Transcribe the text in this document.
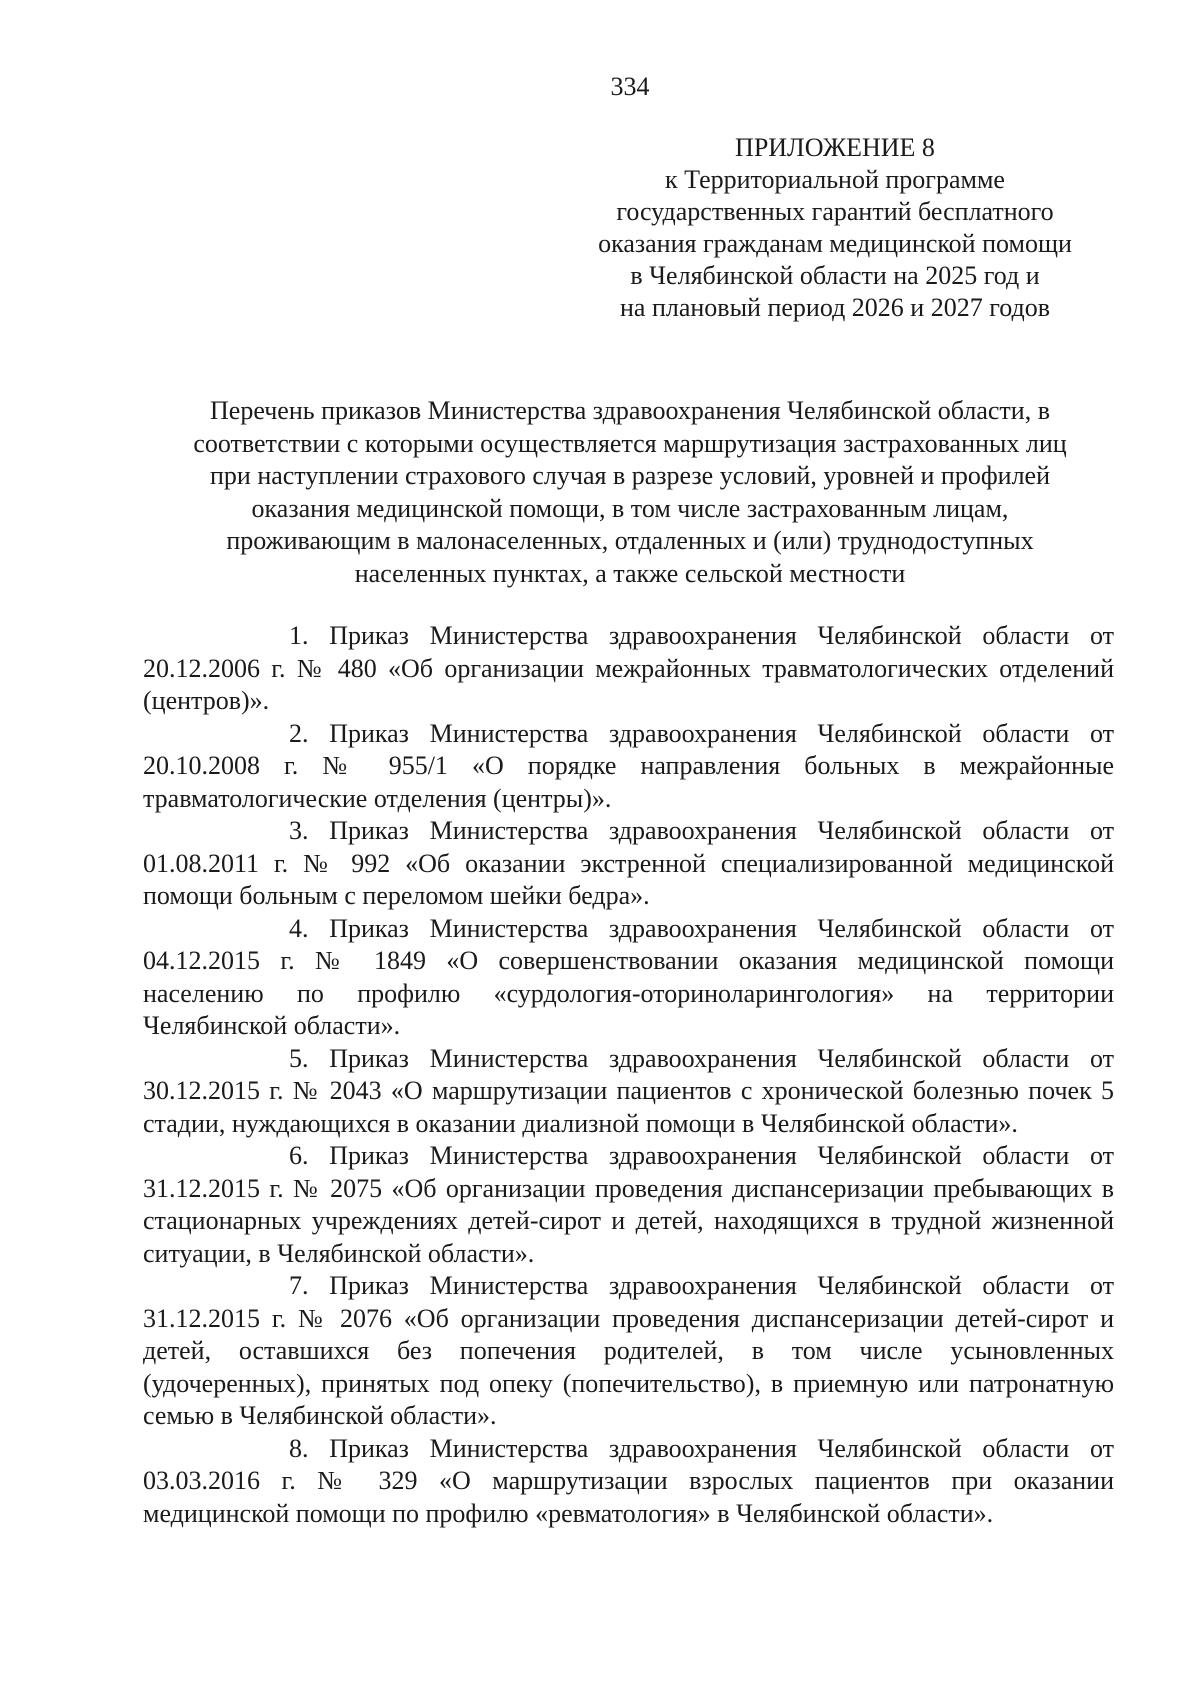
334
ПРИЛОЖЕНИЕ 8
к Территориальной программе
государственных гарантий бесплатного
оказания гражданам медицинской помощи
в Челябинской области на 2025 год и
на плановый период 2026 и 2027 годов
Перечень приказов Министерства здравоохранения Челябинской области, в
соответствии с которыми осуществляется маршрутизация застрахованных лиц
при наступлении страхового случая в разрезе условий, уровней и профилей
оказания медицинской помощи, в том числе застрахованным лицам,
проживающим в малонаселенных, отдаленных и (или) труднодоступных
населенных пунктах, а также сельской местности
1. Приказ Министерства здравоохранения Челябинской области от 20.12.2006 г. № 480 «Об организации межрайонных травматологических отделений (центров)».
2. Приказ Министерства здравоохранения Челябинской области от 20.10.2008 г. № 955/1 «О порядке направления больных в межрайонные травматологические отделения (центры)».
3. Приказ Министерства здравоохранения Челябинской области от 01.08.2011 г. № 992 «Об оказании экстренной специализированной медицинской помощи больным с переломом шейки бедра».
4. Приказ Министерства здравоохранения Челябинской области от 04.12.2015 г. № 1849 «О совершенствовании оказания медицинской помощи населению по профилю «сурдология-оториноларингология» на территории Челябинской области».
5. Приказ Министерства здравоохранения Челябинской области от 30.12.2015 г. № 2043 «О маршрутизации пациентов с хронической болезнью почек 5 стадии, нуждающихся в оказании диализной помощи в Челябинской области».
6. Приказ Министерства здравоохранения Челябинской области от 31.12.2015 г. № 2075 «Об организации проведения диспансеризации пребывающих в стационарных учреждениях детей-сирот и детей, находящихся в трудной жизненной ситуации, в Челябинской области».
7. Приказ Министерства здравоохранения Челябинской области от 31.12.2015 г. № 2076 «Об организации проведения диспансеризации детей-сирот и детей, оставшихся без попечения родителей, в том числе усыновленных (удочеренных), принятых под опеку (попечительство), в приемную или патронатную семью в Челябинской области».
8. Приказ Министерства здравоохранения Челябинской области от 03.03.2016 г. № 329 «О маршрутизации взрослых пациентов при оказании медицинской помощи по профилю «ревматология» в Челябинской области».
